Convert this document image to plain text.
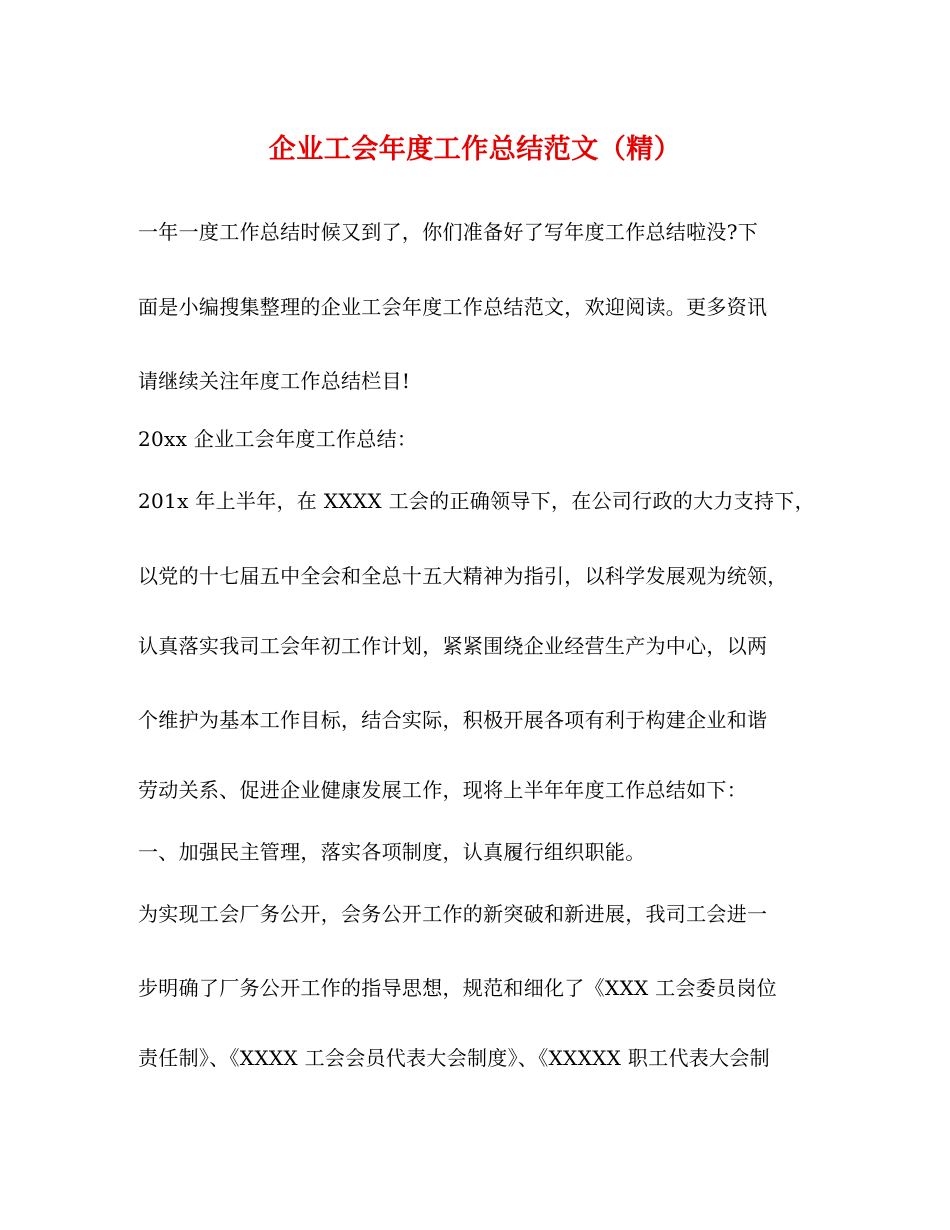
企业工会年度工作总结范文（精）
一年一度工作总结时候又到了，你们准备好了写年度工作总结啦没?下
面是小编搜集整理的企业工会年度工作总结范文，欢迎阅读。更多资讯
请继续关注年度工作总结栏目!
20xx 企业工会年度工作总结：
201x 年上半年，在 XXXX 工会的正确领导下，在公司行政的大力支持下，
以党的十七届五中全会和全总十五大精神为指引，以科学发展观为统领，
认真落实我司工会年初工作计划，紧紧围绕企业经营生产为中心，以两
个维护为基本工作目标，结合实际，积极开展各项有利于构建企业和谐
劳动关系、促进企业健康发展工作，现将上半年年度工作总结如下：
一、加强民主管理，落实各项制度，认真履行组织职能。
为实现工会厂务公开，会务公开工作的新突破和新进展，我司工会进一
步明确了厂务公开工作的指导思想，规范和细化了《XXX 工会委员岗位
责任制》、《XXXX 工会会员代表大会制度》、《XXXXX 职工代表大会制
